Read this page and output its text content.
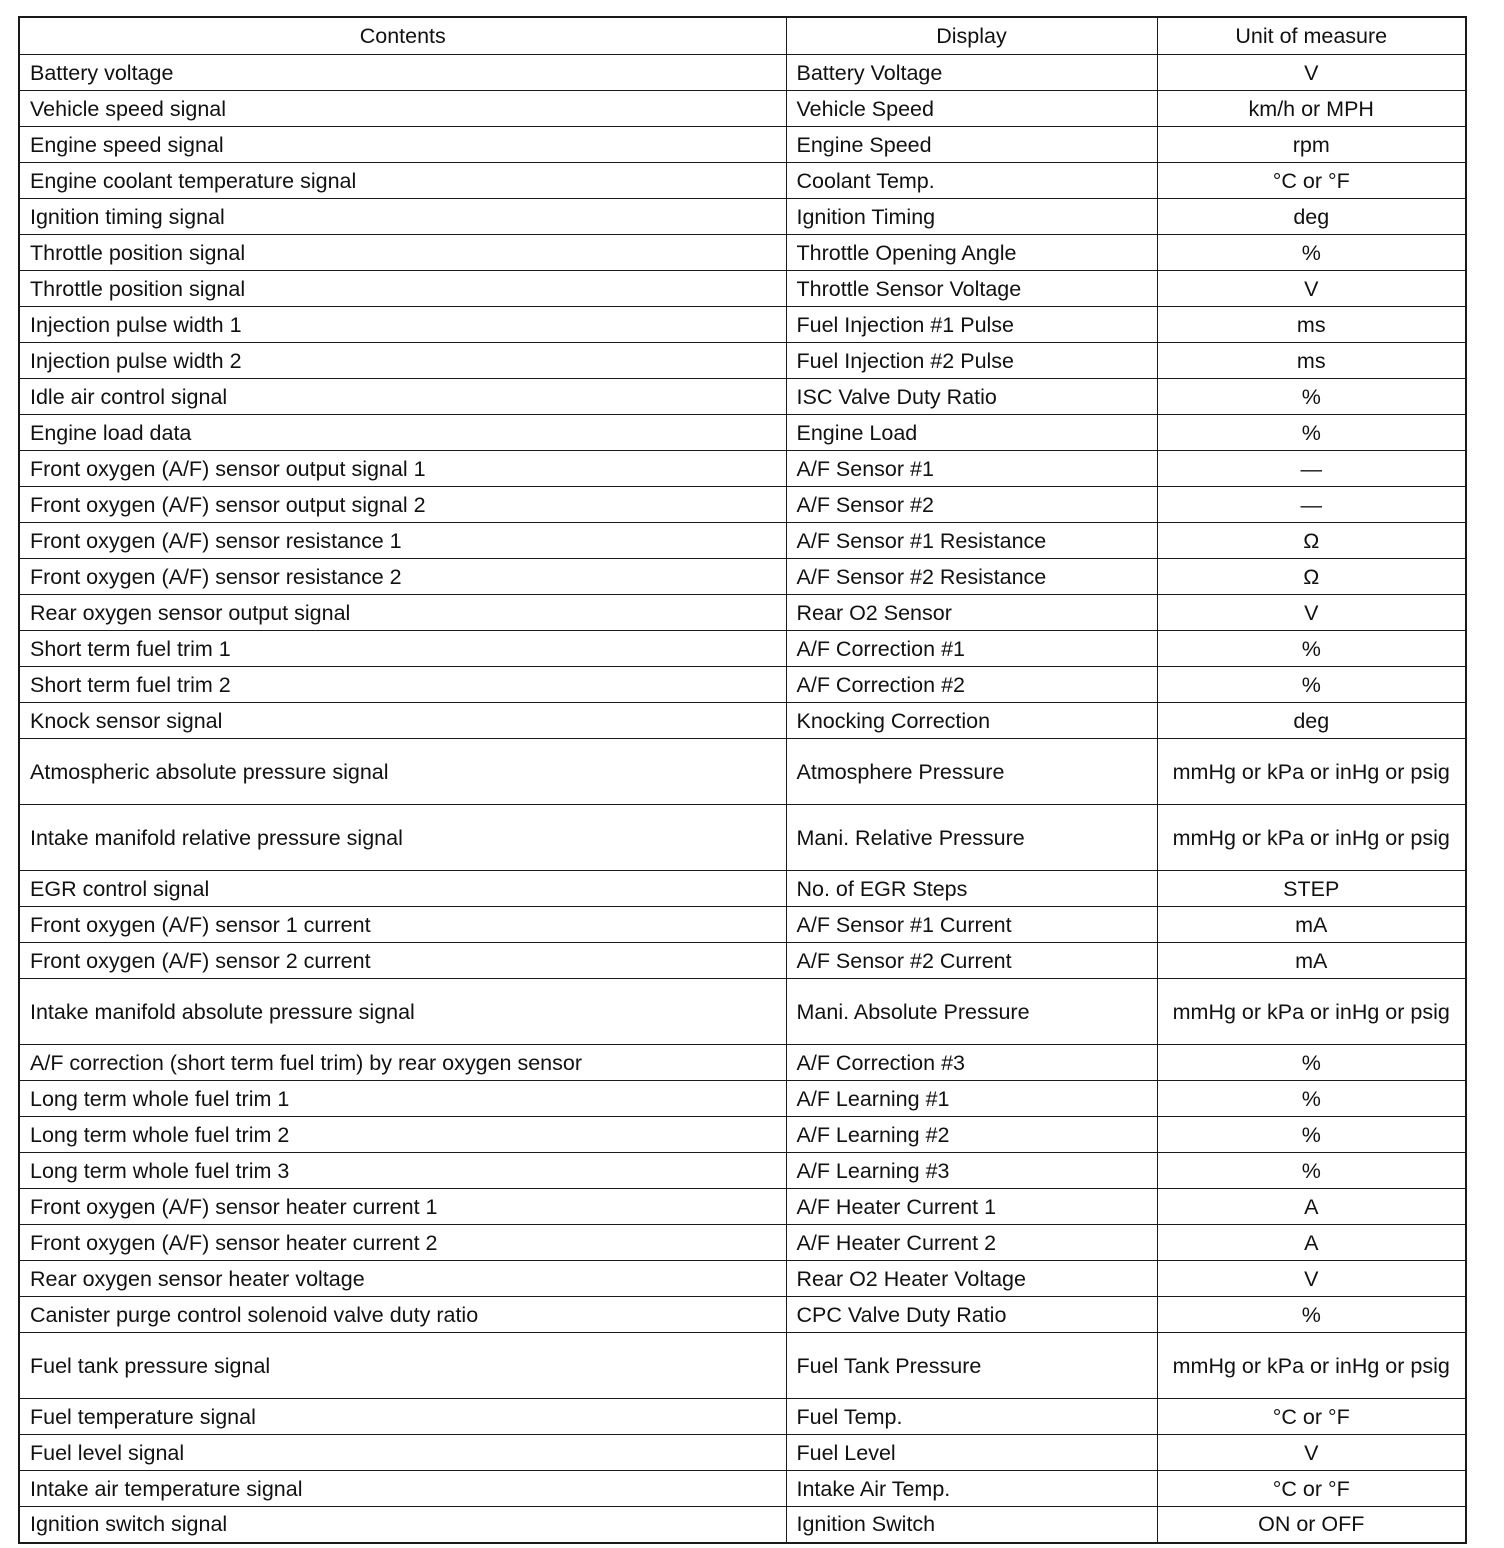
Contents	Display	Unit of measure
Battery voltage	Battery Voltage	V
Vehicle speed signal	Vehicle Speed	km/h or MPH
Engine speed signal	Engine Speed	rpm
Engine coolant temperature signal	Coolant Temp.	°C or °F
Ignition timing signal	Ignition Timing	deg
Throttle position signal	Throttle Opening Angle	%
Throttle position signal	Throttle Sensor Voltage	V
Injection pulse width 1	Fuel Injection #1 Pulse	ms
Injection pulse width 2	Fuel Injection #2 Pulse	ms
Idle air control signal	ISC Valve Duty Ratio	%
Engine load data	Engine Load	%
Front oxygen (A/F) sensor output signal 1	A/F Sensor #1	—
Front oxygen (A/F) sensor output signal 2	A/F Sensor #2	—
Front oxygen (A/F) sensor resistance 1	A/F Sensor #1 Resistance	Ω
Front oxygen (A/F) sensor resistance 2	A/F Sensor #2 Resistance	Ω
Rear oxygen sensor output signal	Rear O2 Sensor	V
Short term fuel trim 1	A/F Correction #1	%
Short term fuel trim 2	A/F Correction #2	%
Knock sensor signal	Knocking Correction	deg
Atmospheric absolute pressure signal	Atmosphere Pressure	mmHg or kPa or inHg or psig
Intake manifold relative pressure signal	Mani. Relative Pressure	mmHg or kPa or inHg or psig
EGR control signal	No. of EGR Steps	STEP
Front oxygen (A/F) sensor 1 current	A/F Sensor #1 Current	mA
Front oxygen (A/F) sensor 2 current	A/F Sensor #2 Current	mA
Intake manifold absolute pressure signal	Mani. Absolute Pressure	mmHg or kPa or inHg or psig
A/F correction (short term fuel trim) by rear oxygen sensor	A/F Correction #3	%
Long term whole fuel trim 1	A/F Learning #1	%
Long term whole fuel trim 2	A/F Learning #2	%
Long term whole fuel trim 3	A/F Learning #3	%
Front oxygen (A/F) sensor heater current 1	A/F Heater Current 1	A
Front oxygen (A/F) sensor heater current 2	A/F Heater Current 2	A
Rear oxygen sensor heater voltage	Rear O2 Heater Voltage	V
Canister purge control solenoid valve duty ratio	CPC Valve Duty Ratio	%
Fuel tank pressure signal	Fuel Tank Pressure	mmHg or kPa or inHg or psig
Fuel temperature signal	Fuel Temp.	°C or °F
Fuel level signal	Fuel Level	V
Intake air temperature signal	Intake Air Temp.	°C or °F
Ignition switch signal	Ignition Switch	ON or OFF
